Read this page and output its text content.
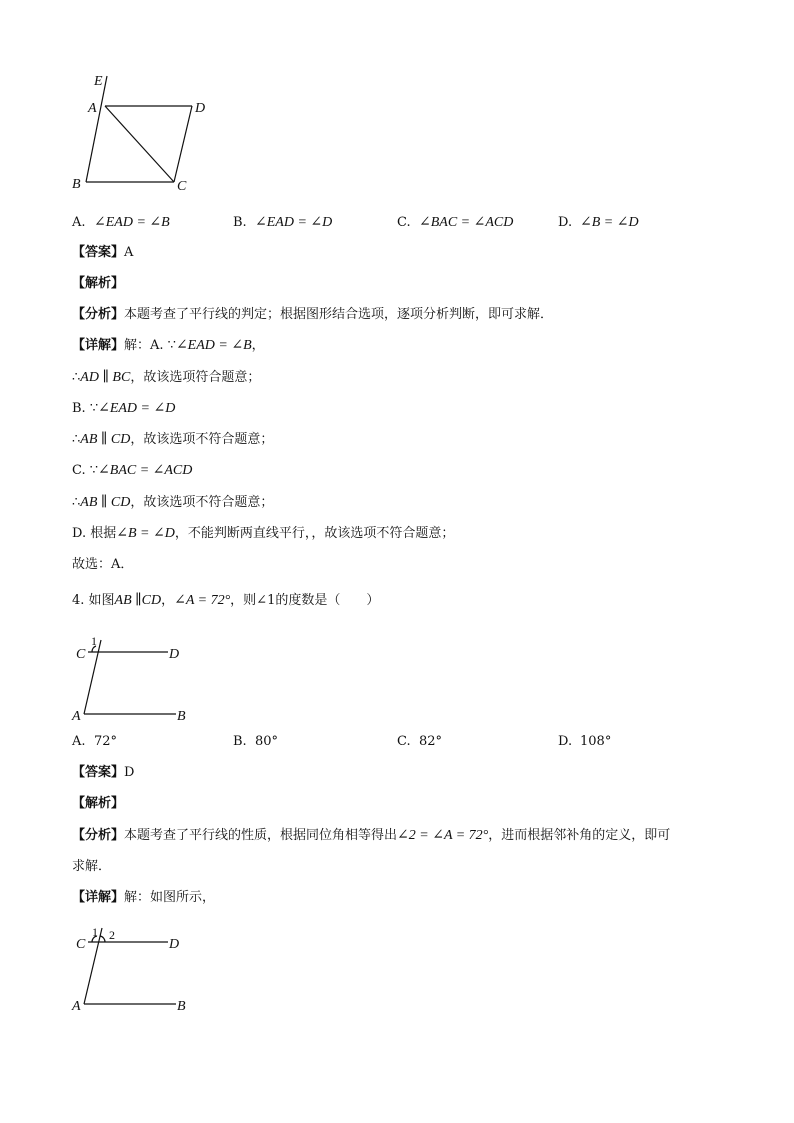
E
A	D
B	C
A. ∠EAD = ∠B	B. ∠EAD = ∠D	C. ∠BAC = ∠ACD	D. ∠B = ∠D
【答案】A
【解析】
【分析】本题考查了平行线的判定；根据图形结合选项，逐项分析判断，即可求解．
【详解】解：A. ∵∠EAD = ∠B，
∴AD ∥ BC，故该选项符合题意；
B. ∵∠EAD = ∠D
∴AB ∥ CD，故该选项不符合题意；
C. ∵∠BAC = ∠ACD
∴AB ∥ CD，故该选项不符合题意；
D. 根据∠B = ∠D，不能判断两直线平行，，故该选项不符合题意；
故选：A．
4. 如图AB ∥CD，∠A = 72°，则∠1的度数是（　　）
1
C	D
A	B
A. 72°	B. 80°	C. 82°	D. 108°
【答案】D
【解析】
【分析】本题考查了平行线的性质，根据同位角相等得出∠2 = ∠A = 72°，进而根据邻补角的定义，即可
求解．
【详解】解：如图所示，
1 2
C	D
A	B
